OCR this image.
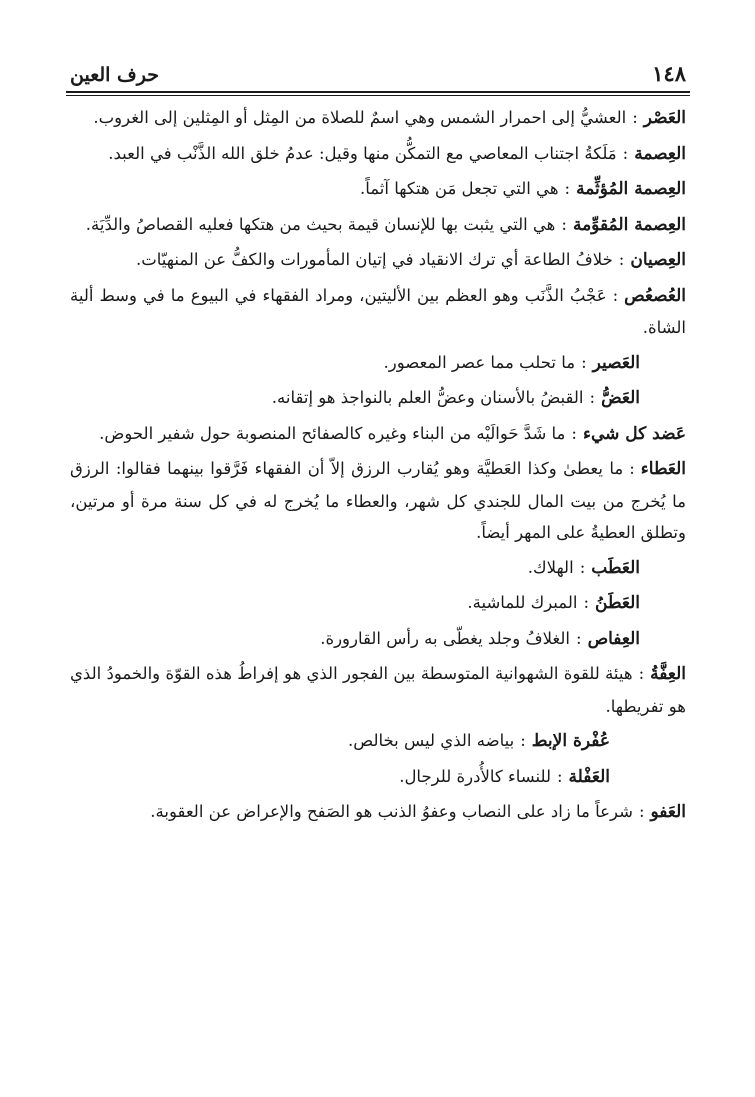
١٤٨
حرف العين

العَصْر:العشيُّ إلى احمرار الشمس وهي اسمٌ للصلاة من المِثل أو المِثلين إلى الغروب.

العِصمة:مَلَكةُ اجتناب المعاصي مع التمكُّن منها وقيل: عدمُ خلق الله الذَّنْب في العبد.

العِصمة المُؤثِّمة:هي التي تجعل مَن هتكها آثماً.

العِصمة المُقوِّمة:هي التي يثبت بها للإنسان قيمة بحيث من هتكها فعليه القصاصُ والدِّيَة.

العِصيان:خلافُ الطاعة أي ترك الانقياد في إتيان المأمورات والكفُّ عن المنهيّات.

العُصعُص:عَجْبُ الذَّنَب وهو العظم بين الأليتين، ومراد الفقهاء في البيوع ما في وسط ألية الشاة.

العَصير:ما تحلب مما عصر المعصور.

العَضُّ:القبضُ بالأسنان وعضُّ العلم بالنواجذ هو إتقانه.

عَضد كل شيء:ما شَدَّ حَوالَيْه من البناء وغيره كالصفائح المنصوبة حول شفير الحوض.

العَطاء:ما يعطىٰ وكذا العَطيَّة وهو يُقارب الرزق إلاّ أن الفقهاء فَرَّقوا بينهما فقالوا: الرزق ما يُخرج من بيت المال للجندي كل شهر، والعطاء ما يُخرج له في كل سنة مرة أو مرتين، وتطلق العطيةُ على المهر أيضاً.

العَطَب:الهلاك.

العَطَنُ:المبرك للماشية.

العِفاص:الغلافُ وجلد يغطّى به رأس القارورة.

العِفَّةُ:هيئة للقوة الشهوانية المتوسطة بين الفجور الذي هو إفراطُ هذه القوّة والخمودُ الذي هو تفريطها.

عُفْرة الإبط:بياضه الذي ليس بخالص.

العَفْلة:للنساء كالأُدرة للرجال.

العَفو:شرعاً ما زاد على النصاب وعفوُ الذنب هو الصَفح والإعراض عن العقوبة.
